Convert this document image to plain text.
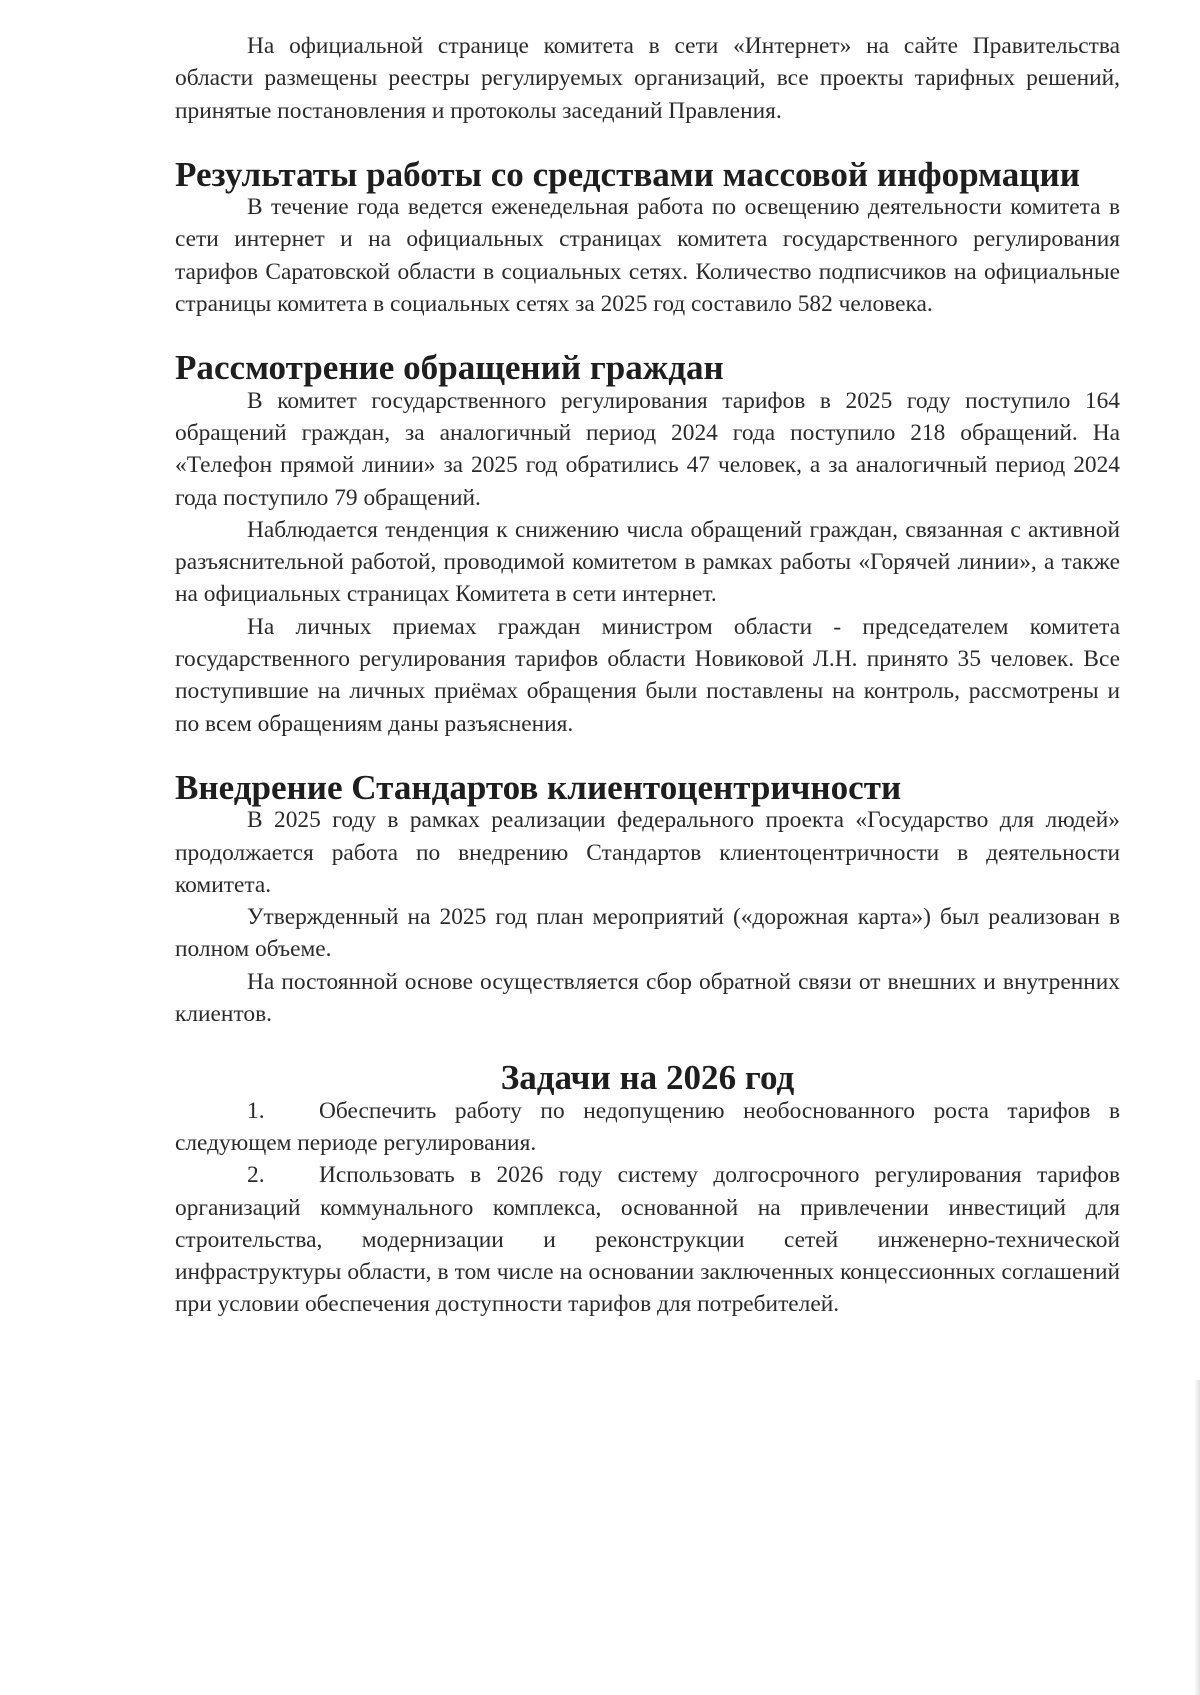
На официальной странице комитета в сети «Интернет» на сайте Правительства области размещены реестры регулируемых организаций, все проекты тарифных решений, принятые постановления и протоколы заседаний Правления.

Результаты работы со средствами массовой информации

В течение года ведется еженедельная работа по освещению деятельности комитета в сети интернет и на официальных страницах комитета государственного регулирования тарифов Саратовской области в социальных сетях. Количество подписчиков на официальные страницы комитета в социальных сетях за 2025 год составило 582 человека.

Рассмотрение обращений граждан

В комитет государственного регулирования тарифов в 2025 году поступило 164 обращений граждан, за аналогичный период 2024 года поступило 218 обращений. На «Телефон прямой линии» за 2025 год обратились 47 человек, а за аналогичный период 2024 года поступило 79 обращений.

Наблюдается тенденция к снижению числа обращений граждан, связанная с активной разъяснительной работой, проводимой комитетом в рамках работы «Горячей линии», а также на официальных страницах Комитета в сети интернет.

На личных приемах граждан министром области - председателем комитета государственного регулирования тарифов области Новиковой Л.Н. принято 35 человек. Все поступившие на личных приёмах обращения были поставлены на контроль, рассмотрены и по всем обращениям даны разъяснения.

Внедрение Стандартов клиентоцентричности

В 2025 году в рамках реализации федерального проекта «Государство для людей» продолжается работа по внедрению Стандартов клиентоцентричности в деятельности комитета.

Утвержденный на 2025 год план мероприятий («дорожная карта») был реализован в полном объеме.

На постоянной основе осуществляется сбор обратной связи от внешних и внутренних клиентов.

Задачи на 2026 год

1. Обеспечить работу по недопущению необоснованного роста тарифов в следующем периоде регулирования.

2. Использовать в 2026 году систему долгосрочного регулирования тарифов организаций коммунального комплекса, основанной на привлечении инвестиций для строительства, модернизации и реконструкции сетей инженерно-технической инфраструктуры области, в том числе на основании заключенных концессионных соглашений при условии обеспечения доступности тарифов для потребителей.
